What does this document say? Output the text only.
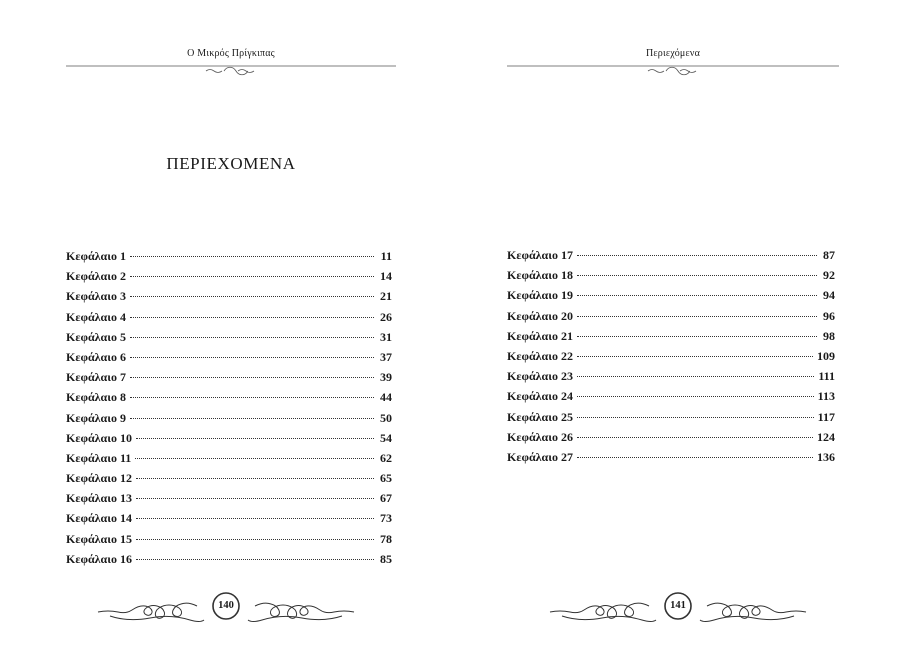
Ο Μικρός Πρίγκιπας
ΠΕΡΙΕΧΟΜΕΝΑ
Κεφάλαιο 1	11
Κεφάλαιο 2	14
Κεφάλαιο 3	21
Κεφάλαιο 4	26
Κεφάλαιο 5	31
Κεφάλαιο 6	37
Κεφάλαιο 7	39
Κεφάλαιο 8	44
Κεφάλαιο 9	50
Κεφάλαιο 10	54
Κεφάλαιο 11	62
Κεφάλαιο 12	65
Κεφάλαιο 13	67
Κεφάλαιο 14	73
Κεφάλαιο 15	78
Κεφάλαιο 16	85
140
Περιεχόμενα
Κεφάλαιο 17	87
Κεφάλαιο 18	92
Κεφάλαιο 19	94
Κεφάλαιο 20	96
Κεφάλαιο 21	98
Κεφάλαιο 22	109
Κεφάλαιο 23	111
Κεφάλαιο 24	113
Κεφάλαιο 25	117
Κεφάλαιο 26	124
Κεφάλαιο 27	136
141
